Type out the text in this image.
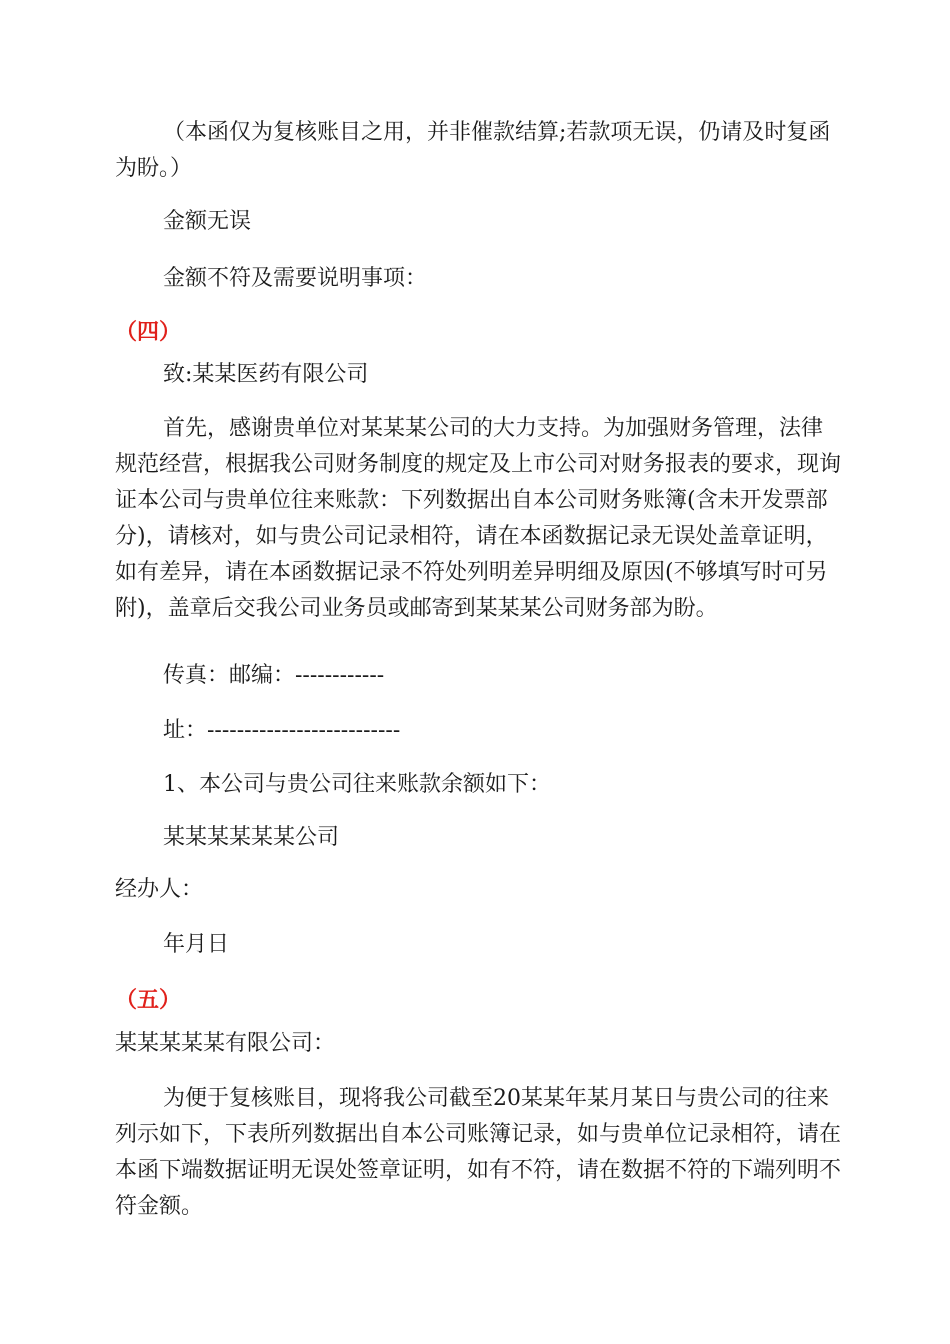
（本函仅为复核账目之用，并非催款结算;若款项无误，仍请及时复函为盼。）

金额无误

金额不符及需要说明事项：

（四）

致:某某医药有限公司

首先，感谢贵单位对某某某公司的大力支持。为加强财务管理，法律规范经营，根据我公司财务制度的规定及上市公司对财务报表的要求，现询证本公司与贵单位往来账款：下列数据出自本公司财务账簿(含未开发票部分)，请核对，如与贵公司记录相符，请在本函数据记录无误处盖章证明，如有差异，请在本函数据记录不符处列明差异明细及原因(不够填写时可另附)，盖章后交我公司业务员或邮寄到某某某公司财务部为盼。

传真：邮编：------------

址：--------------------------

1、本公司与贵公司往来账款余额如下：

某某某某某某公司

经办人：

年月日

（五）

某某某某某有限公司：

为便于复核账目，现将我公司截至20某某年某月某日与贵公司的往来列示如下，下表所列数据出自本公司账簿记录，如与贵单位记录相符，请在本函下端数据证明无误处签章证明，如有不符，请在数据不符的下端列明不符金额。
